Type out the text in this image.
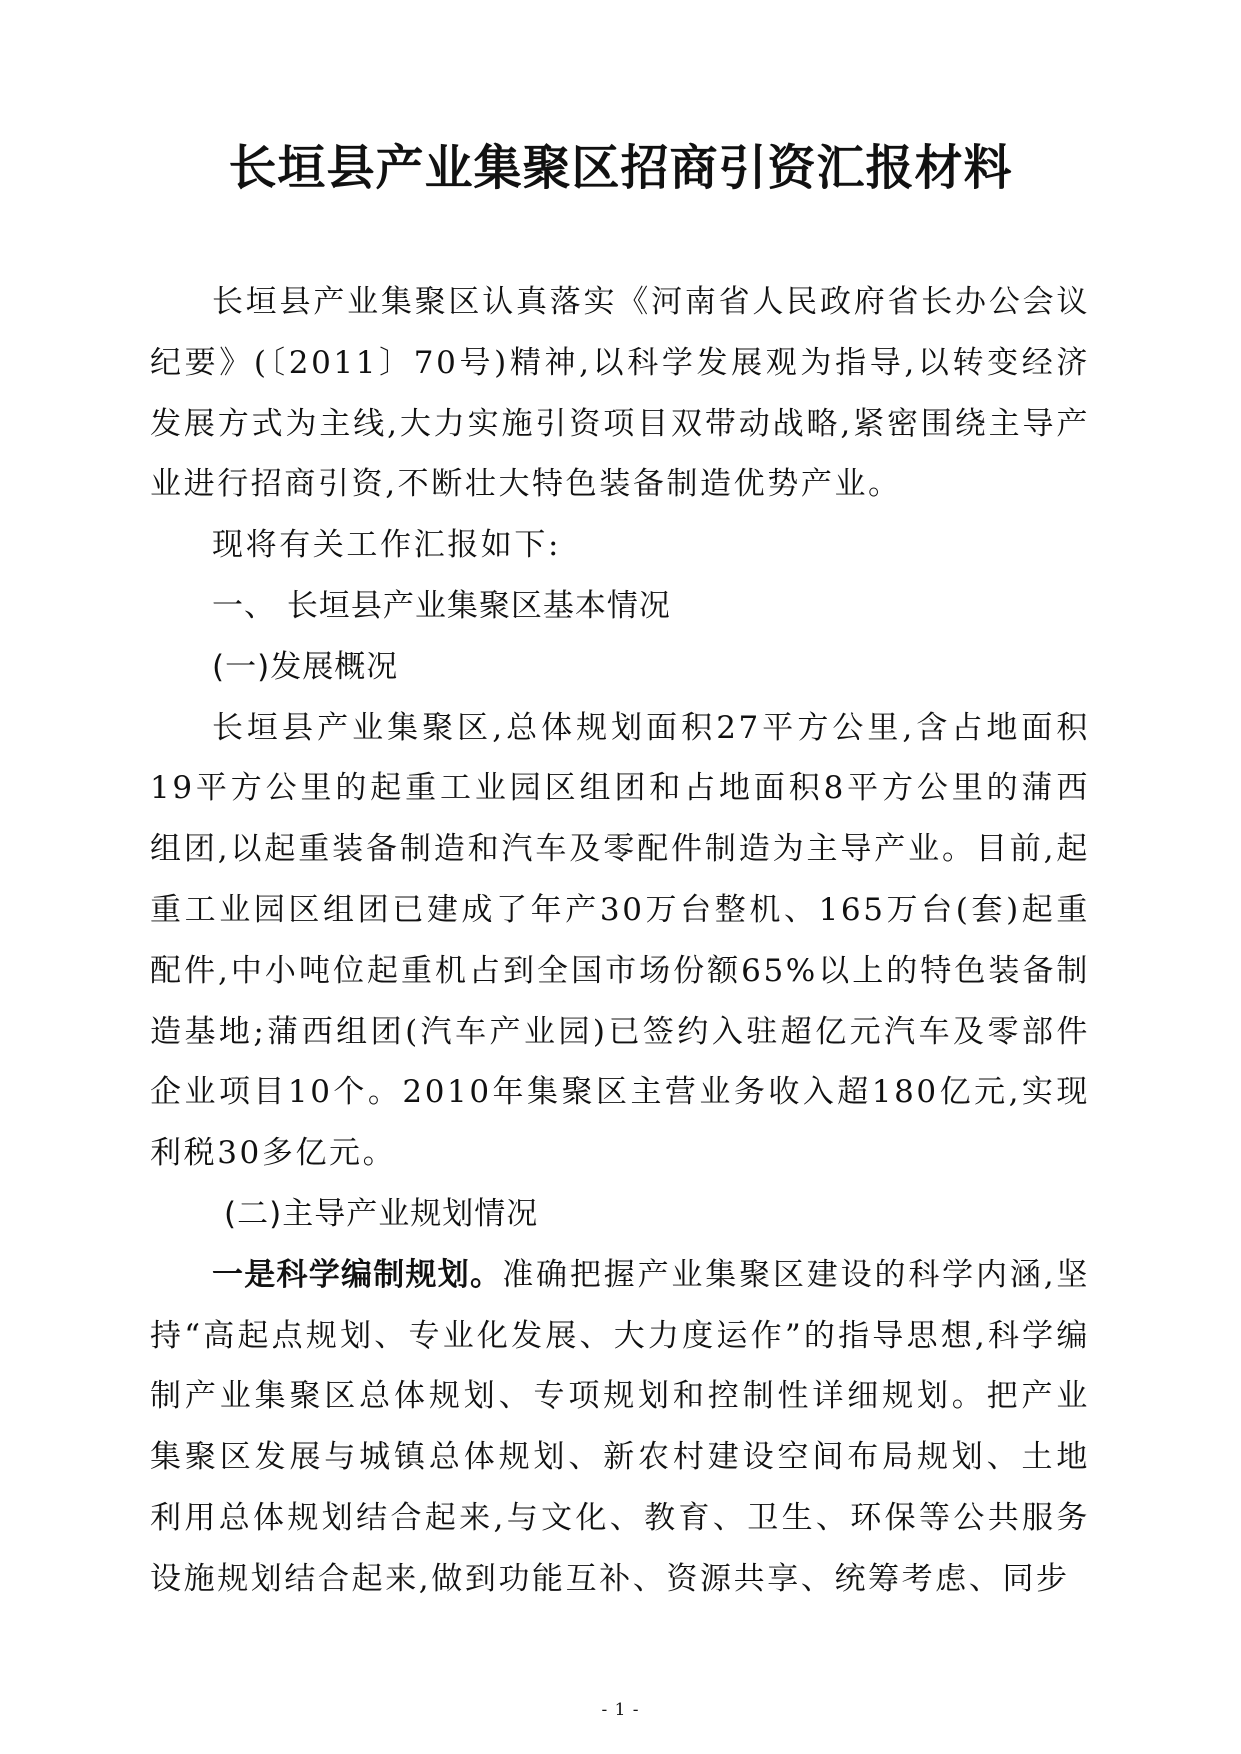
长垣县产业集聚区招商引资汇报材料

长垣县产业集聚区认真落实《河南省人民政府省长办公会议纪要》(〔2011〕70号)精神,以科学发展观为指导,以转变经济发展方式为主线,大力实施引资项目双带动战略,紧密围绕主导产业进行招商引资,不断壮大特色装备制造优势产业。

现将有关工作汇报如下:

一、 长垣县产业集聚区基本情况

(一)发展概况

长垣县产业集聚区,总体规划面积27平方公里,含占地面积19平方公里的起重工业园区组团和占地面积8平方公里的蒲西组团,以起重装备制造和汽车及零配件制造为主导产业。目前,起重工业园区组团已建成了年产30万台整机、165万台(套)起重配件,中小吨位起重机占到全国市场份额65%以上的特色装备制造基地;蒲西组团(汽车产业园)已签约入驻超亿元汽车及零部件企业项目10个。2010年集聚区主营业务收入超180亿元,实现利税30多亿元。

(二)主导产业规划情况

一是科学编制规划。准确把握产业集聚区建设的科学内涵,坚持“高起点规划、专业化发展、大力度运作”的指导思想,科学编制产业集聚区总体规划、专项规划和控制性详细规划。把产业集聚区发展与城镇总体规划、新农村建设空间布局规划、土地利用总体规划结合起来,与文化、教育、卫生、环保等公共服务设施规划结合起来,做到功能互补、资源共享、统筹考虑、同步

- 1 -
